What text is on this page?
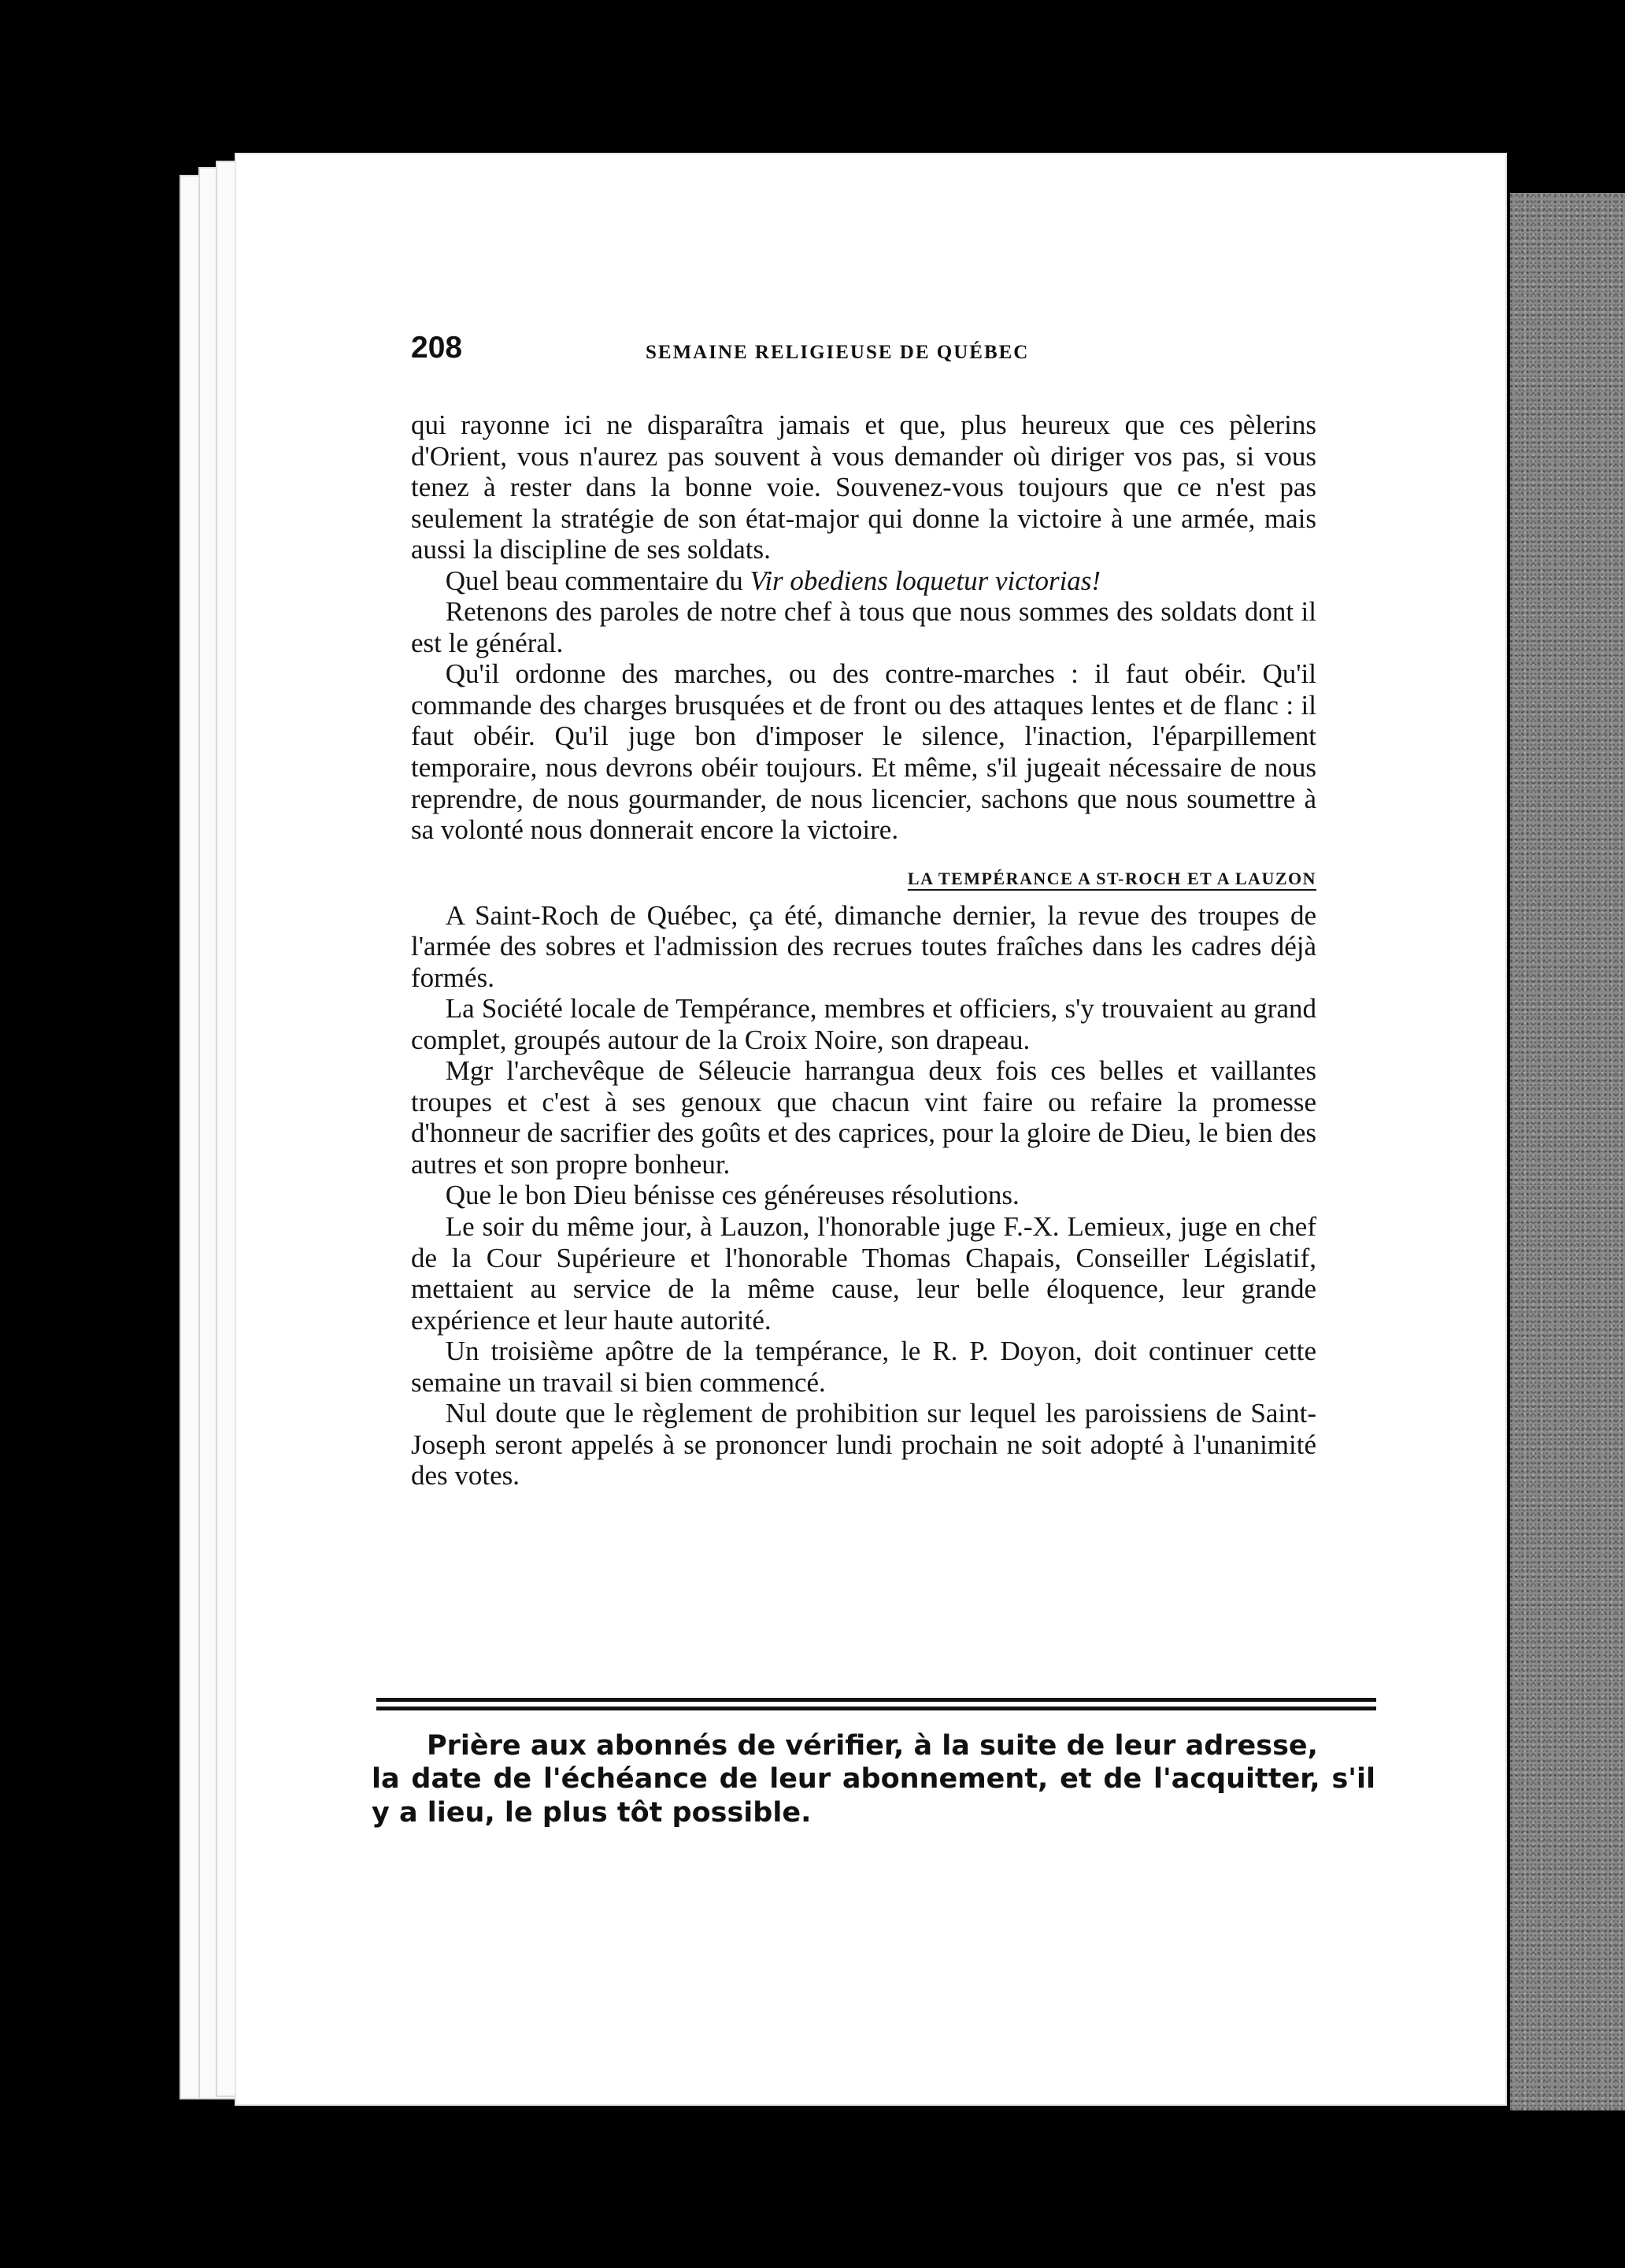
208	SEMAINE RELIGIEUSE DE QUÉBEC

qui rayonne ici ne disparaîtra jamais et que, plus heureux que ces pèlerins d'Orient, vous n'aurez pas souvent à vous demander où diriger vos pas, si vous tenez à rester dans la bonne voie. Souvenez-vous toujours que ce n'est pas seulement la stratégie de son état-major qui donne la victoire à une armée, mais aussi la discipline de ses soldats.

Quel beau commentaire du Vir obediens loquetur victorias!

Retenons des paroles de notre chef à tous que nous sommes des soldats dont il est le général.

Qu'il ordonne des marches, ou des contre-marches : il faut obéir. Qu'il commande des charges brusquées et de front ou des attaques lentes et de flanc : il faut obéir. Qu'il juge bon d'imposer le silence, l'inaction, l'éparpillement temporaire, nous devrons obéir toujours. Et même, s'il jugeait nécessaire de nous reprendre, de nous gourmander, de nous licencier, sachons que nous soumettre à sa volonté nous donnerait encore la victoire.

LA TEMPÉRANCE A ST-ROCH ET A LAUZON

A Saint-Roch de Québec, ça été, dimanche dernier, la revue des troupes de l'armée des sobres et l'admission des recrues toutes fraîches dans les cadres déjà formés.

La Société locale de Tempérance, membres et officiers, s'y trouvaient au grand complet, groupés autour de la Croix Noire, son drapeau.

Mgr l'archevêque de Séleucie harrangua deux fois ces belles et vaillantes troupes et c'est à ses genoux que chacun vint faire ou refaire la promesse d'honneur de sacrifier des goûts et des caprices, pour la gloire de Dieu, le bien des autres et son propre bonheur.

Que le bon Dieu bénisse ces généreuses résolutions.

Le soir du même jour, à Lauzon, l'honorable juge F.-X. Lemieux, juge en chef de la Cour Supérieure et l'honorable Thomas Chapais, Conseiller Législatif, mettaient au service de la même cause, leur belle éloquence, leur grande expérience et leur haute autorité.

Un troisième apôtre de la tempérance, le R. P. Doyon, doit continuer cette semaine un travail si bien commencé.

Nul doute que le règlement de prohibition sur lequel les paroissiens de Saint-Joseph seront appelés à se prononcer lundi prochain ne soit adopté à l'unanimité des votes.

Prière aux abonnés de vérifier, à la suite de leur adresse,
la date de l'échéance de leur abonnement, et de l'acquitter, s'il y a lieu, le plus tôt possible.
